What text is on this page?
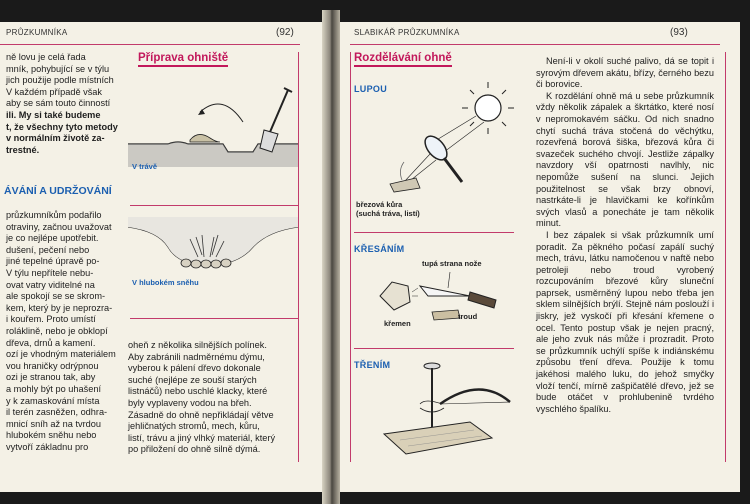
PRŮZKUMNÍKA	(92)

ně lovu je celá řada

mník, pohybující se v týlu

jich použije podle místních

V každém případě však

aby se sám touto činností

ili. My si také budeme

t, že všechny tyto metody

v normálním životě za-

trestné.

ÁVÁNÍ A UDRŽOVÁNÍ

průzkumníkům podařilo

otraviny, začnou uvažovat

je co nejlépe upotřebit.

dušení, pečení nebo

jiné tepelné úpravě po-

V týlu nepřítele nebu-

ovat vatry viditelné na

ale spokojí se se skrom-

kem, který by je neprozra-

i kouřem. Proto umístí

roláklině, nebo je obklopí

dřeva, drnů a kamení.

ozí je vhodným materiálem

vou hraničky odrýpnou

ozi je stranou tak, aby

a mohly být po uhašení

y k zamaskování místa

il terén zasněžen, odhra-

mnicí sníh až na tvrdou

hlubokém sněhu nebo

vytvoří základnu pro

Příprava ohniště
V trávě
V hlubokém sněhu

oheň z několika silnějších polínek.

Aby zabránili nadměrnému dýmu,

vyberou k pálení dřevo dokonale

suché (nejlépe ze souší starých

listnáčů) nebo uschlé klacky, které

byly vyplaveny vodou na břeh.

Zásadně do ohně nepřikládají větve

jehličnatých stromů, mech, kůru,

listí, trávu a jiný vlhký materiál, který

po přiložení do ohně silně dýmá.

SLABIKÁŘ PRŮZKUMNÍKA	(93)
Rozdělávání ohně
LUPOU
březová kůra
(suchá tráva, listí)
KŘESÁNÍM
tupá strana nože
křemen
troud
TŘENÍM

Není-li v okolí suché palivo, dá se topit i syrovým dřevem akátu, břízy, černého bezu či borovice.

K rozdělání ohně má u sebe průzkumník vždy několik zápalek a škrtátko, které nosí v nepromokavém sáčku. Od nich snadno chytí suchá tráva stočená do věchýtku, rozevřená borová šiška, březová kůra či svazeček suchého chvojí. Jestliže zápalky navzdory vší opatrnosti navlhly, nic nepomůže sušení na slunci. Jejich použitelnost se však brzy obnoví, nastrkáte-li je hlavičkami ke kořínkům svých vlasů a ponecháte je tam několik minut.

I bez zápalek si však průzkumník umí poradit. Za pěkného počasí zapálí suchý mech, trávu, látku namočenou v naftě nebo petroleji nebo troud vyrobený rozcupováním březové kůry sluneční paprsek, usměrněný lupou nebo třeba jen sklem silnějších brýlí. Stejně nám poslouží i jiskry, jež vyskočí při křesání křemene o ocel. Tento postup však je nejen pracný, ale jeho zvuk nás může i prozradit. Proto se průzkumník uchýlí spíše k indiánskému způsobu tření dřeva. Použije k tomu jakéhosi malého luku, do jehož smyčky vloží tenčí, mírně zašpičatělé dřevo, jež se bude otáčet v prohlubenině tvrdého vyschlého špalíku.
